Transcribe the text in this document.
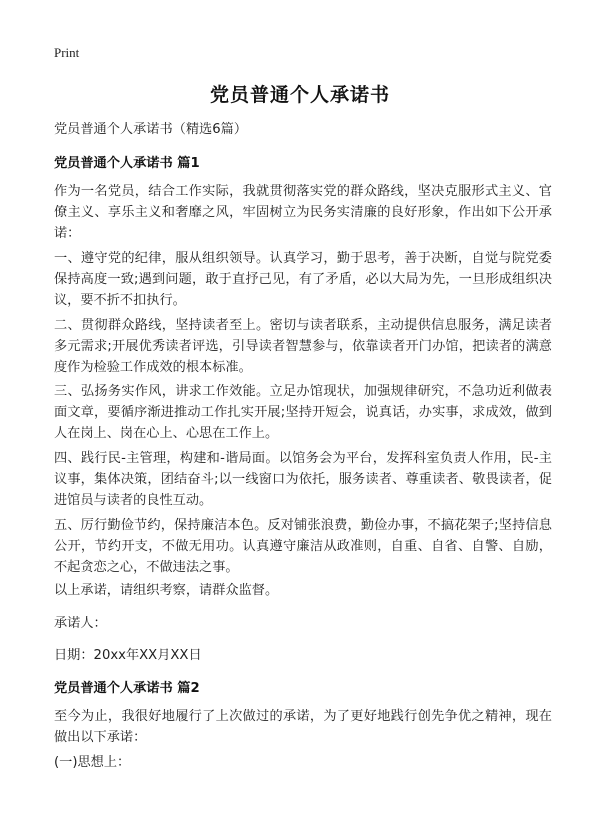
Print
党员普通个人承诺书
党员普通个人承诺书（精选6篇）
党员普通个人承诺书 篇1
作为一名党员，结合工作实际，我就贯彻落实党的群众路线，坚决克服形式主义、官僚主义、享乐主义和奢靡之风，牢固树立为民务实清廉的良好形象，作出如下公开承诺：
一、遵守党的纪律，服从组织领导。认真学习，勤于思考，善于决断，自觉与院党委保持高度一致;遇到问题，敢于直抒己见，有了矛盾，必以大局为先，一旦形成组织决议，要不折不扣执行。
二、贯彻群众路线，坚持读者至上。密切与读者联系，主动提供信息服务，满足读者多元需求;开展优秀读者评选，引导读者智慧参与，依靠读者开门办馆，把读者的满意度作为检验工作成效的根本标准。
三、弘扬务实作风，讲求工作效能。立足办馆现状，加强规律研究，不急功近利做表面文章，要循序渐进推动工作扎实开展;坚持开短会，说真话，办实事，求成效，做到人在岗上、岗在心上、心思在工作上。
四、践行民-主管理，构建和-谐局面。以馆务会为平台，发挥科室负责人作用，民-主议事，集体决策，团结奋斗;以一线窗口为依托，服务读者、尊重读者、敬畏读者，促进馆员与读者的良性互动。
五、厉行勤俭节约，保持廉洁本色。反对铺张浪费，勤俭办事，不搞花架子;坚持信息公开，节约开支，不做无用功。认真遵守廉洁从政准则，自重、自省、自警、自励，不起贪恋之心，不做违法之事。
以上承诺，请组织考察，请群众监督。
承诺人：
日期：20xx年XX月XX日
党员普通个人承诺书 篇2
至今为止，我很好地履行了上次做过的承诺，为了更好地践行创先争优之精神，现在做出以下承诺：
(一)思想上：
